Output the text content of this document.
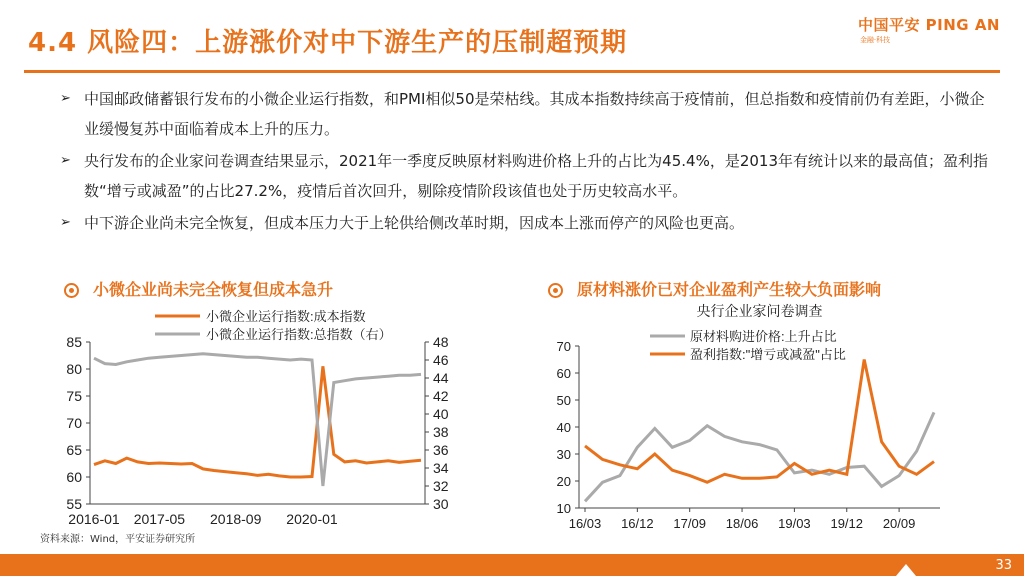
4.4 风险四：上游涨价对中下游生产的压制超预期
中国平安 PING AN
金融·科技
➢ 中国邮政储蓄银行发布的小微企业运行指数，和PMI相似50是荣枯线。其成本指数持续高于疫情前，但总指数和疫情前仍有差距，小微企业缓慢复苏中面临着成本上升的压力。
➢ 央行发布的企业家问卷调查结果显示，2021年一季度反映原材料购进价格上升的占比为45.4%，是2013年有统计以来的最高值；盈利指数“增亏或减盈”的占比27.2%，疫情后首次回升，剔除疫情阶段该值也处于历史较高水平。
➢ 中下游企业尚未完全恢复，但成本压力大于上轮供给侧改革时期，因成本上涨而停产的风险也更高。
小微企业尚未完全恢复但成本急升	原材料涨价已对企业盈利产生较大负面影响
55
60
65
70
75
80
85
30
32
34
36
38
40
42
44
46
48
2016-01 2017-05 2018-09 2020-01
小微企业运行指数:成本指数
小微企业运行指数:总指数（右）
央行企业家问卷调查
10
20
30
40
50
60
70
16/03 16/12 17/09 18/06 19/03 19/12 20/09
原材料购进价格:上升占比
盈利指数:"增亏或减盈"占比
资料来源：Wind，平安证券研究所
33
